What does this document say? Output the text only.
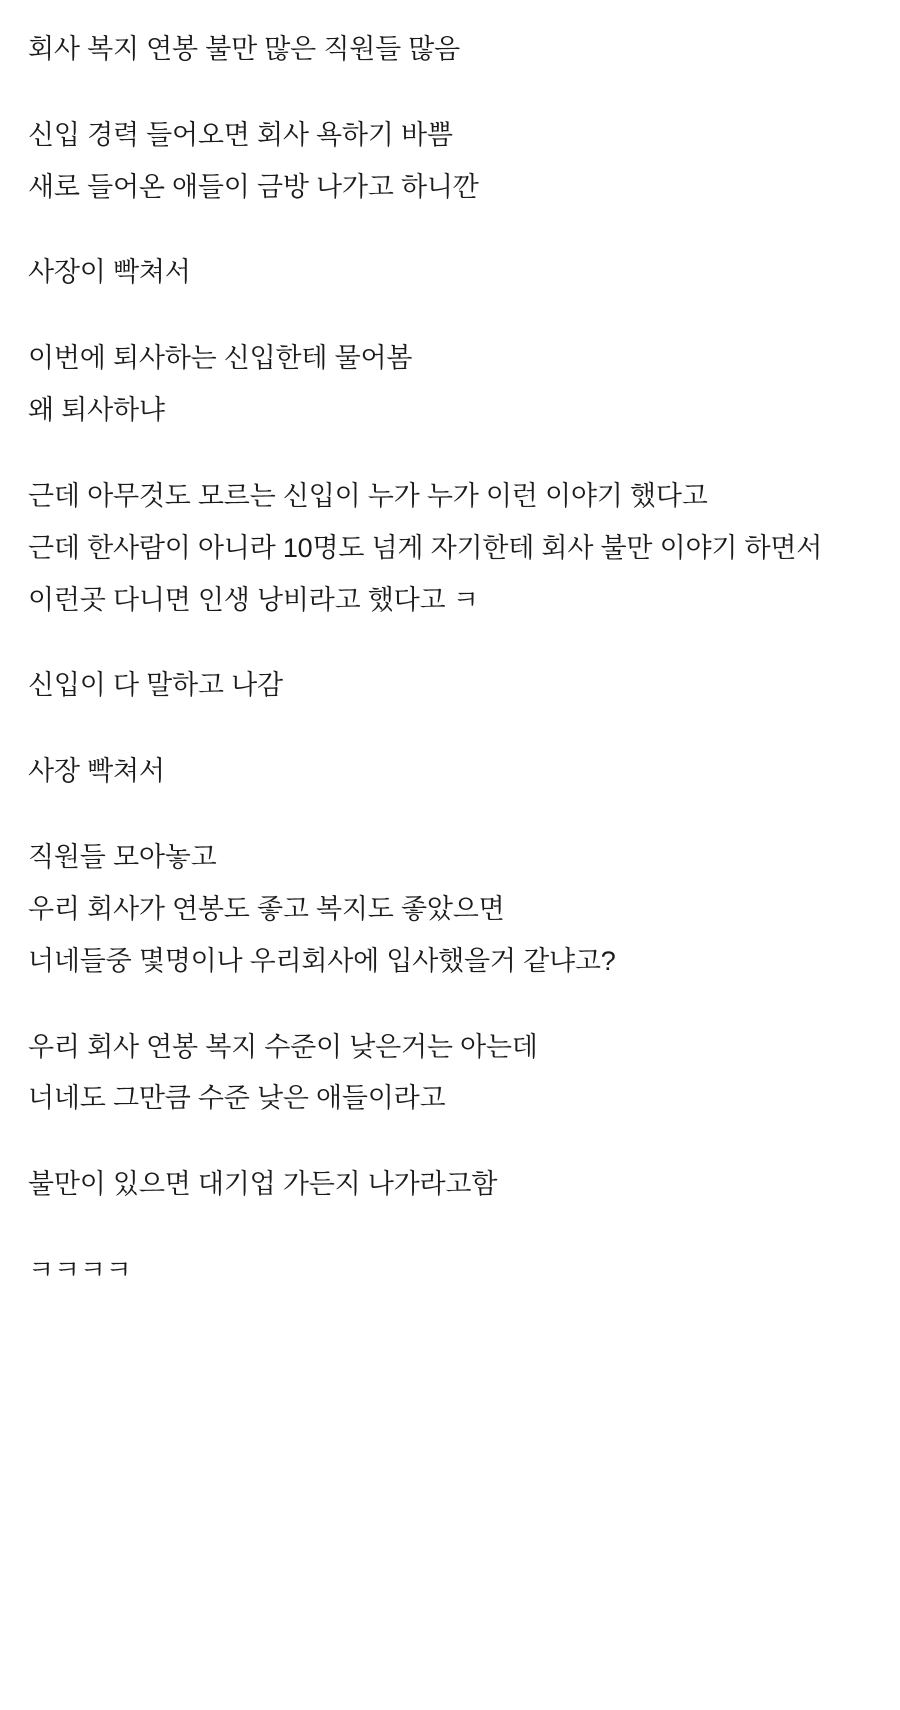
회사 복지 연봉 불만 많은 직원들 많음
신입 경력 들어오면 회사 욕하기 바쁨
새로 들어온 애들이 금방 나가고 하니깐
사장이 빡쳐서
이번에 퇴사하는 신입한테 물어봄
왜 퇴사하냐
근데 아무것도 모르는 신입이 누가 누가 이런 이야기 했다고
근데 한사람이 아니라 10명도 넘게 자기한테 회사 불만 이야기 하면서
이런곳 다니면 인생 낭비라고 했다고 ㅋ
신입이 다 말하고 나감
사장 빡쳐서
직원들 모아놓고
우리 회사가 연봉도 좋고 복지도 좋았으면
너네들중 몇명이나 우리회사에 입사했을거 같냐고?
우리 회사 연봉 복지 수준이 낮은거는 아는데
너네도 그만큼 수준 낮은 애들이라고
불만이 있으면 대기업 가든지 나가라고함
ㅋㅋㅋㅋ
